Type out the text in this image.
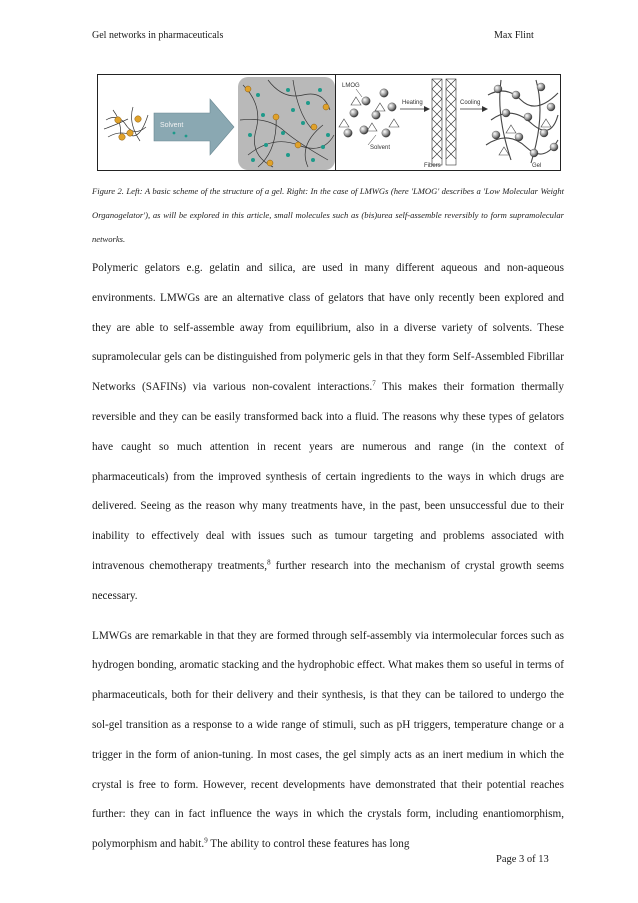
Gel networks in pharmaceuticals	Max Flint
Solvent
LMOG
Solvent
Heating
Fibers
Cooling
Gel
Figure 2. Left: A basic scheme of the structure of a gel. Right: In the case of LMWGs (here 'LMOG' describes a 'Low Molecular Weight Organogelator'), as will be explored in this article, small molecules such as (bis)urea self-assemble reversibly to form supramolecular networks.

Polymeric gelators e.g. gelatin and silica, are used in many different aqueous and non-aqueous environments. LMWGs are an alternative class of gelators that have only recently been explored and they are able to self-assemble away from equilibrium, also in a diverse variety of solvents. These supramolecular gels can be distinguished from polymeric gels in that they form Self-Assembled Fibrillar Networks (SAFINs) via various non-covalent interactions.$^7$ This makes their formation thermally reversible and they can be easily transformed back into a fluid. The reasons why these types of gelators have caught so much attention in recent years are numerous and range (in the context of pharmaceuticals) from the improved synthesis of certain ingredients to the ways in which drugs are delivered. Seeing as the reason why many treatments have, in the past, been unsuccessful due to their inability to effectively deal with issues such as tumour targeting and problems associated with intravenous chemotherapy treatments,$^8$ further research into the mechanism of crystal growth seems necessary.

LMWGs are remarkable in that they are formed through self-assembly via intermolecular forces such as hydrogen bonding, aromatic stacking and the hydrophobic effect. What makes them so useful in terms of pharmaceuticals, both for their delivery and their synthesis, is that they can be tailored to undergo the sol-gel transition as a response to a wide range of stimuli, such as pH triggers, temperature change or a trigger in the form of anion-tuning. In most cases, the gel simply acts as an inert medium in which the crystal is free to form. However, recent developments have demonstrated that their potential reaches further: they can in fact influence the ways in which the crystals form, including enantiomorphism, polymorphism and habit.$^9$ The ability to control these features has long

Page 3 of 13
